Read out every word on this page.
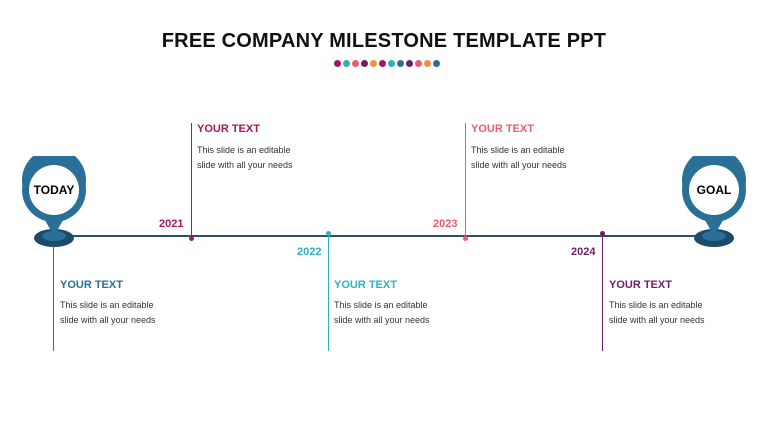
FREE COMPANY MILESTONE TEMPLATE PPT
TODAY	GOAL
YOUR TEXT
This slide is an editable
slide with all your needs
2021
YOUR TEXT
This slide is an editable
slide with all your needs
2022
YOUR TEXT
This slide is an editable
slide with all your needs
2023
YOUR TEXT
This slide is an editable
slide with all your needs
2024
YOUR TEXT
This slide is an editable
slide with all your needs
